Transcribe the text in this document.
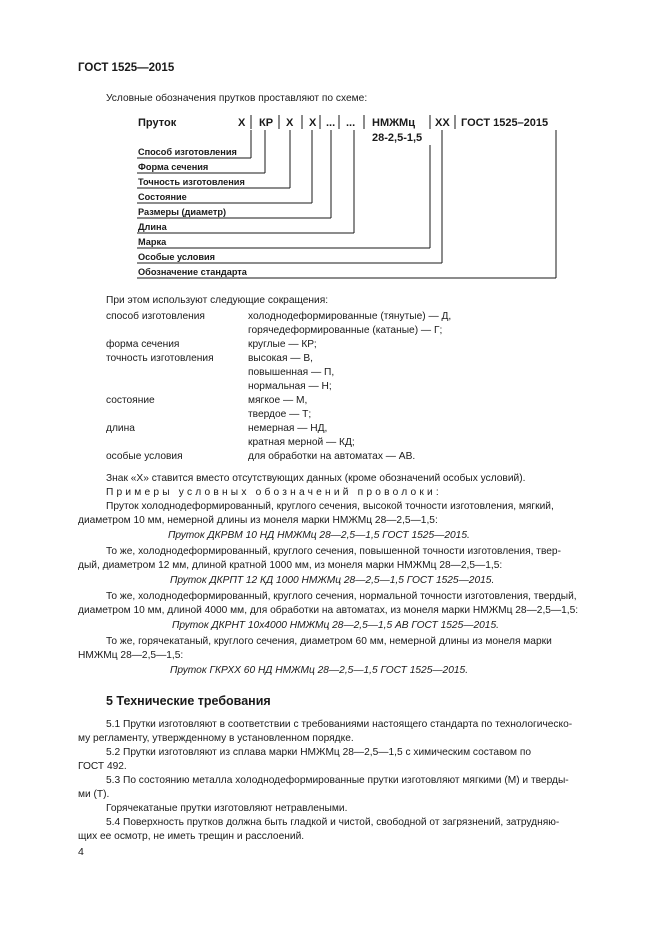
ГОСТ 1525—2015
Условные обозначения прутков проставляют по схеме:
Пруток	Х КР Х Х ... ... НМЖМц
28-2,5-1,5
ХХ ГОСТ 1525–2015
Способ изготовления
Форма сечения
Точность изготовления
Состояние
Размеры (диаметр)
Длина
Марка
Особые условия
Обозначение стандарта
При этом используют следующие сокращения:
способ изготовления	холоднодеформированные (тянутые) — Д,
горячедеформированные (катаные) — Г;
форма сечения	круглые — КР;
точность изготовления	высокая — В,
повышенная — П,
нормальная — Н;
состояние	мягкое — М,
твердое — Т;
длина	немерная — НД,
кратная мерной — КД;
особые условия	для обработки на автоматах — АВ.
Знак «Х» ставится вместо отсутствующих данных (кроме обозначений особых условий).
Примеры условных обозначений проволоки:
Пруток холоднодеформированный, круглого сечения, высокой точности изготовления, мягкий,
диаметром 10 мм, немерной длины из монеля марки НМЖМц 28—2,5—1,5:
Пруток ДКРВМ 10 НД НМЖМц 28—2,5—1,5 ГОСТ 1525—2015.
То же, холоднодеформированный, круглого сечения, повышенной точности изготовления, твер-
дый, диаметром 12 мм, длиной кратной 1000 мм, из монеля марки НМЖМц 28—2,5—1,5:
Пруток ДКРПТ 12 КД 1000 НМЖМц 28—2,5—1,5 ГОСТ 1525—2015.
То же, холоднодеформированный, круглого сечения, нормальной точности изготовления, твердый,
диаметром 10 мм, длиной 4000 мм, для обработки на автоматах, из монеля марки НМЖМц 28—2,5—1,5:
Пруток ДКРНТ 10х4000 НМЖМц 28—2,5—1,5 АВ ГОСТ 1525—2015.
То же, горячекатаный, круглого сечения, диаметром 60 мм, немерной длины из монеля марки
НМЖМц 28—2,5—1,5:
Пруток ГКРХХ 60 НД НМЖМц 28—2,5—1,5 ГОСТ 1525—2015.
5 Технические требования
5.1 Прутки изготовляют в соответствии с требованиями настоящего стандарта по технологическо-
му регламенту, утвержденному в установленном порядке.
5.2 Прутки изготовляют из сплава марки НМЖМц 28—2,5—1,5 с химическим составом по
ГОСТ 492.
5.3 По состоянию металла холоднодеформированные прутки изготовляют мягкими (М) и тверды-
ми (Т).
Горячекатаные прутки изготовляют нетравлеными.
5.4 Поверхность прутков должна быть гладкой и чистой, свободной от загрязнений, затрудняю-
щих ее осмотр, не иметь трещин и расслоений.
4
